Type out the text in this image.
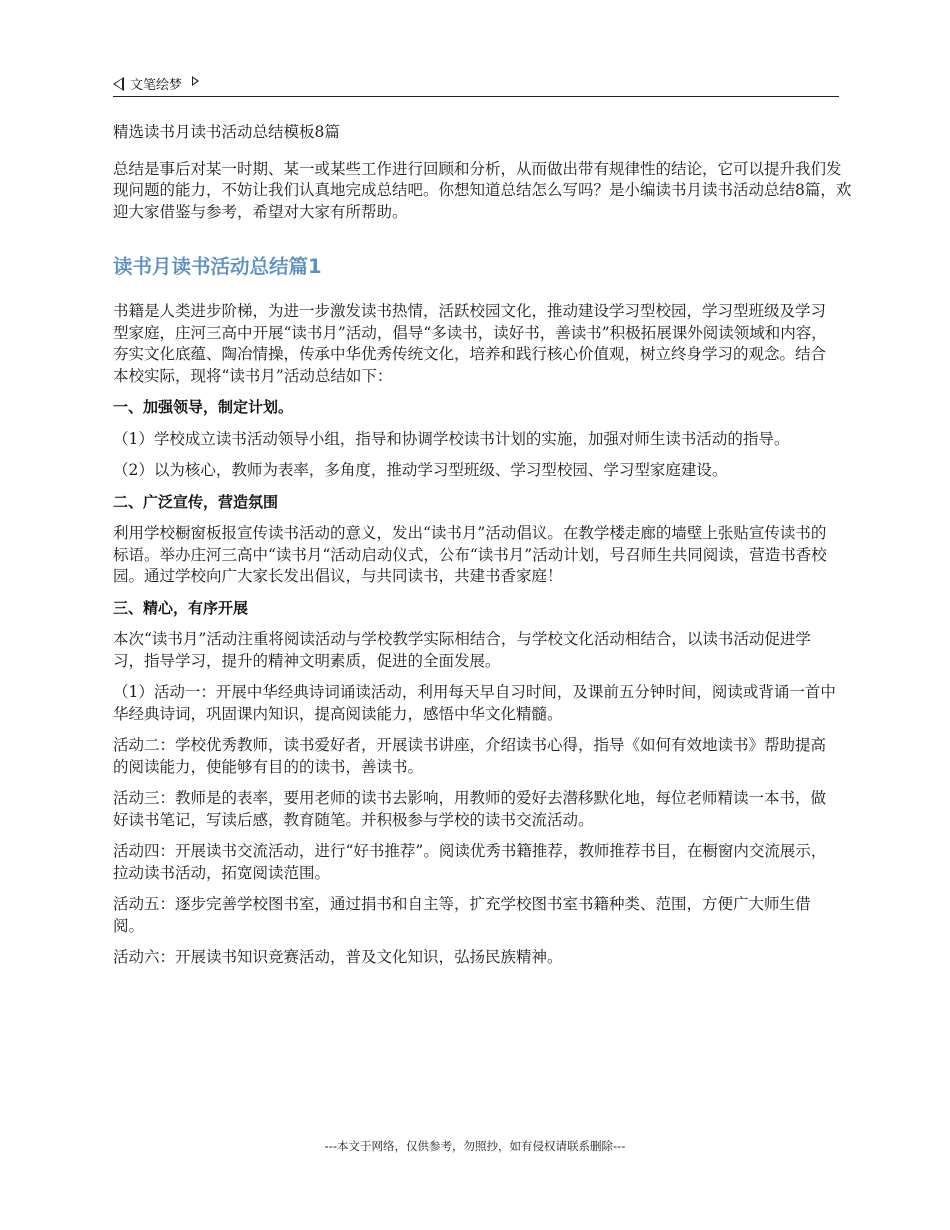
文笔绘梦

精选读书月读书活动总结模板8篇

总结是事后对某一时期、某一或某些工作进行回顾和分析，从而做出带有规律性的结论，它可以提升我们发现问题的能力，不妨让我们认真地完成总结吧。你想知道总结怎么写吗？是小编读书月读书活动总结8篇，欢迎大家借鉴与参考，希望对大家有所帮助。

读书月读书活动总结篇1

书籍是人类进步阶梯，为进一步激发读书热情，活跃校园文化，推动建设学习型校园，学习型班级及学习型家庭，庄河三高中开展“读书月”活动，倡导“多读书，读好书，善读书”积极拓展课外阅读领域和内容，夯实文化底蕴、陶冶情操，传承中华优秀传统文化，培养和践行核心价值观，树立终身学习的观念。结合本校实际，现将“读书月”活动总结如下：

一、加强领导，制定计划。

（1）学校成立读书活动领导小组，指导和协调学校读书计划的实施，加强对师生读书活动的指导。

（2）以为核心，教师为表率，多角度，推动学习型班级、学习型校园、学习型家庭建设。

二、广泛宣传，营造氛围

利用学校橱窗板报宣传读书活动的意义，发出“读书月”活动倡议。在教学楼走廊的墙壁上张贴宣传读书的标语。举办庄河三高中“读书月“活动启动仪式，公布“读书月”活动计划，号召师生共同阅读，营造书香校园。通过学校向广大家长发出倡议，与共同读书，共建书香家庭！

三、精心，有序开展

本次“读书月”活动注重将阅读活动与学校教学实际相结合，与学校文化活动相结合，以读书活动促进学习，指导学习，提升的精神文明素质，促进的全面发展。

（1）活动一：开展中华经典诗词诵读活动，利用每天早自习时间，及课前五分钟时间，阅读或背诵一首中华经典诗词，巩固课内知识，提高阅读能力，感悟中华文化精髓。

活动二：学校优秀教师，读书爱好者，开展读书讲座，介绍读书心得，指导《如何有效地读书》帮助提高的阅读能力，使能够有目的的读书，善读书。

活动三：教师是的表率，要用老师的读书去影响，用教师的爱好去潜移默化地，每位老师精读一本书，做好读书笔记，写读后感，教育随笔。并积极参与学校的读书交流活动。

活动四：开展读书交流活动，进行“好书推荐”。阅读优秀书籍推荐，教师推荐书目，在橱窗内交流展示，拉动读书活动，拓宽阅读范围。

活动五：逐步完善学校图书室，通过捐书和自主等，扩充学校图书室书籍种类、范围，方便广大师生借阅。

活动六：开展读书知识竞赛活动，普及文化知识，弘扬民族精神。

---本文于网络，仅供参考，勿照抄，如有侵权请联系删除---
